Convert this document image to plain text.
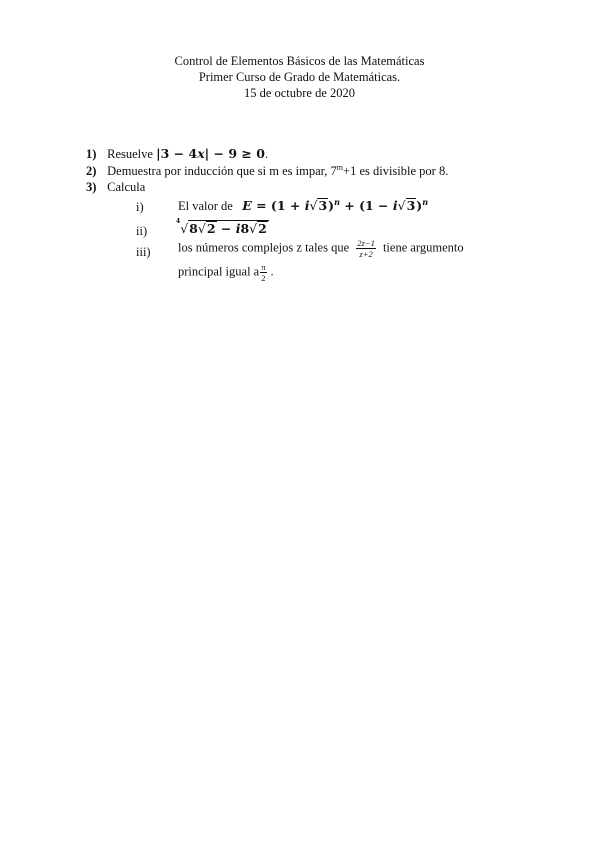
Control de Elementos Básicos de las Matemáticas
Primer Curso de Grado de Matemáticas.
15 de octubre de 2020
1) Resuelve |3 − 4x| − 9 ≥ 0.
2) Demuestra por inducción que si m es impar, $7^m+1$ es divisible por 8.
3) Calcula
i)	El valor de $E = (1 + i√3)^n + (1 - i√3)^n$
ii)
$^4$√8√2 − i8√2
iii) los números complejos z tales que $\frac{2z-1}{z+2}$ tiene argumento
principal igual a $\frac{\pi}{2}$ .
